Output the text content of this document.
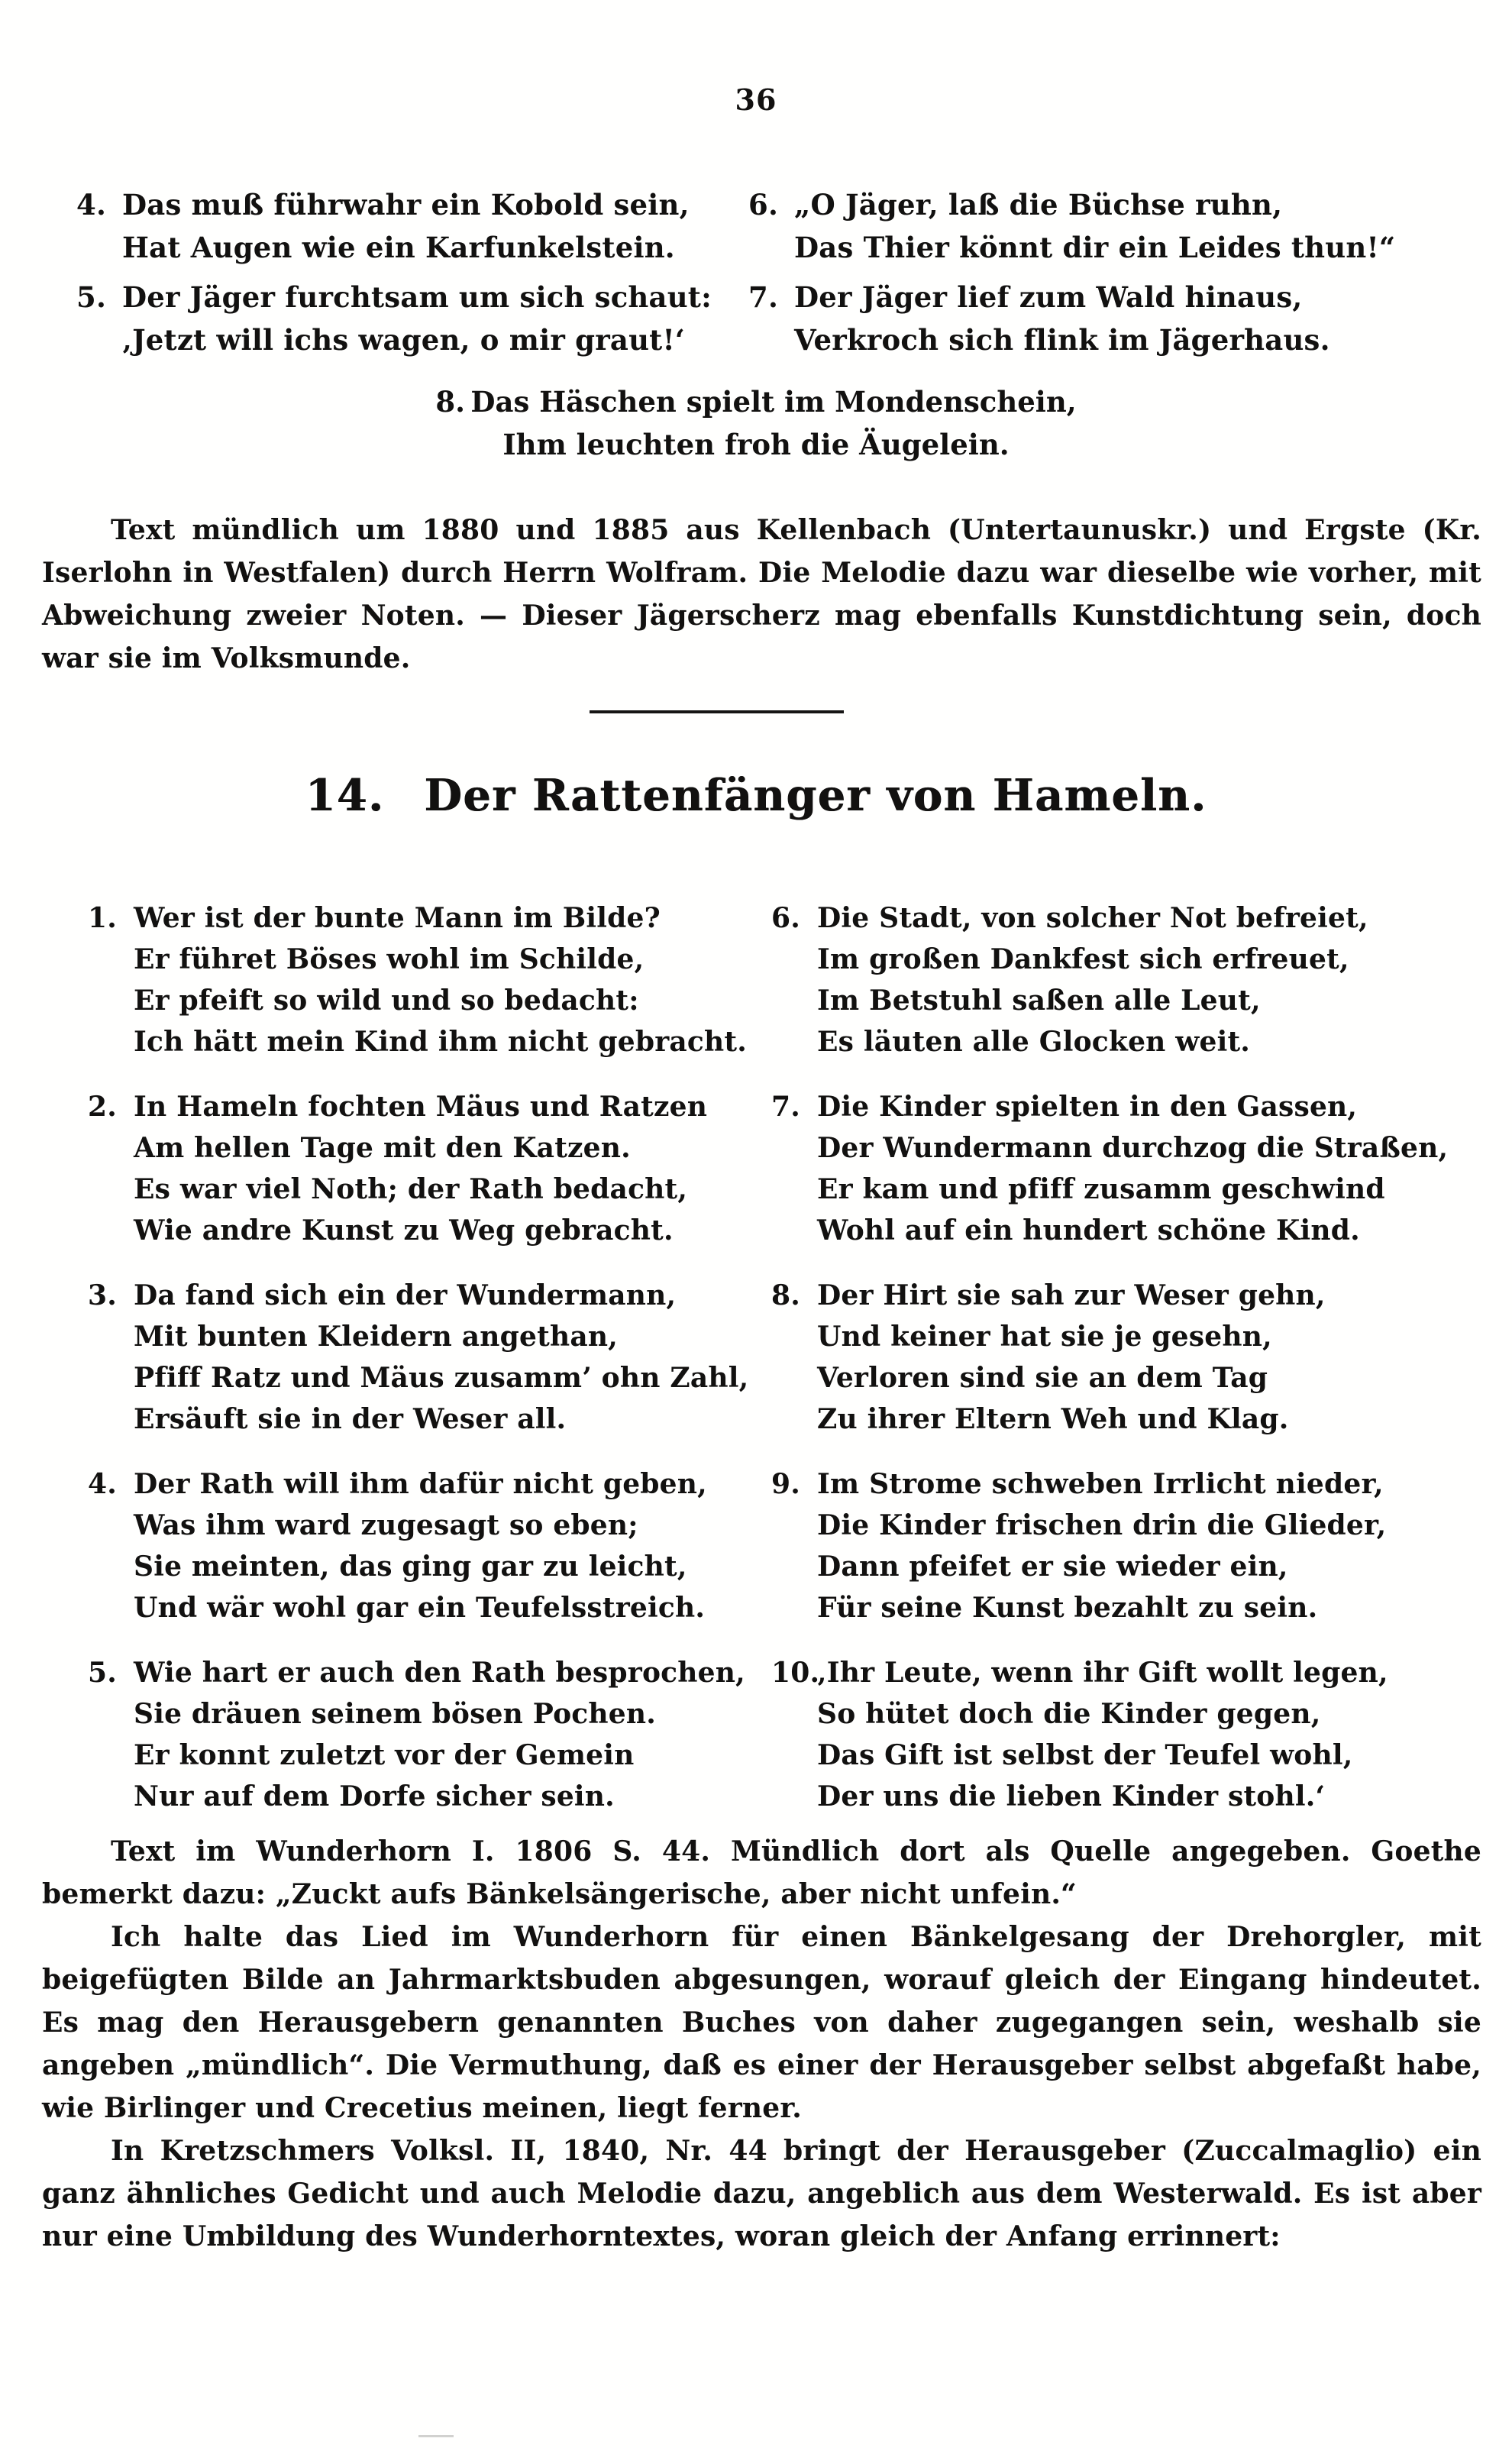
36
4. Das muß führwahr ein Kobold sein,
Hat Augen wie ein Karfunkelstein.
5. Der Jäger furchtsam um sich schaut:
‚Jetzt will ichs wagen, o mir graut!‘
6. „O Jäger, laß die Büchse ruhn,
Das Thier könnt dir ein Leides thun!“
7. Der Jäger lief zum Wald hinaus,
Verkroch sich flink im Jägerhaus.
8.  Das Häschen spielt im Mondenschein,
Ihm leuchten froh die Äugelein.
Text mündlich um 1880 und 1885 aus Kellenbach (Untertaunuskr.) und Ergste (Kr. Iserlohn in Westfalen) durch Herrn Wolfram. Die Melodie dazu war dieselbe wie vorher, mit Abweichung zweier Noten. — Dieser Jägerscherz mag ebenfalls Kunstdichtung sein, doch war sie im Volksmunde.
14. Der Rattenfänger von Hameln.
1. Wer ist der bunte Mann im Bilde?
Er führet Böses wohl im Schilde,
Er pfeift so wild und so bedacht:
Ich hätt mein Kind ihm nicht gebracht.
2. In Hameln fochten Mäus und Ratzen
Am hellen Tage mit den Katzen.
Es war viel Noth; der Rath bedacht,
Wie andre Kunst zu Weg gebracht.
3. Da fand sich ein der Wundermann,
Mit bunten Kleidern angethan,
Pfiff Ratz und Mäus zusamm’ ohn Zahl,
Ersäuft sie in der Weser all.
4. Der Rath will ihm dafür nicht geben,
Was ihm ward zugesagt so eben;
Sie meinten, das ging gar zu leicht,
Und wär wohl gar ein Teufelsstreich.
5. Wie hart er auch den Rath besprochen,
Sie dräuen seinem bösen Pochen.
Er konnt zuletzt vor der Gemein
Nur auf dem Dorfe sicher sein.
6. Die Stadt, von solcher Not befreiet,
Im großen Dankfest sich erfreuet,
Im Betstuhl saßen alle Leut,
Es läuten alle Glocken weit.
7. Die Kinder spielten in den Gassen,
Der Wundermann durchzog die Straßen,
Er kam und pfiff zusamm geschwind
Wohl auf ein hundert schöne Kind.
8. Der Hirt sie sah zur Weser gehn,
Und keiner hat sie je gesehn,
Verloren sind sie an dem Tag
Zu ihrer Eltern Weh und Klag.
9. Im Strome schweben Irrlicht nieder,
Die Kinder frischen drin die Glieder,
Dann pfeifet er sie wieder ein,
Für seine Kunst bezahlt zu sein.
10.
‚Ihr Leute, wenn ihr Gift wollt legen,
So hütet doch die Kinder gegen,
Das Gift ist selbst der Teufel wohl,
Der uns die lieben Kinder stohl.‘

Text im Wunderhorn I. 1806 S. 44. Mündlich dort als Quelle angegeben. Goethe bemerkt dazu: „Zuckt aufs Bänkelsängerische, aber nicht unfein.“

Ich halte das Lied im Wunderhorn für einen Bänkelgesang der Drehorgler, mit beigefügten Bilde an Jahrmarktsbuden abgesungen, worauf gleich der Eingang hindeutet. Es mag den Herausgebern genannten Buches von daher zugegangen sein, weshalb sie angeben „mündlich“. Die Vermuthung, daß es einer der Herausgeber selbst abgefaßt habe, wie Birlinger und Crecetius meinen, liegt ferner.

In Kretzschmers Volksl. II, 1840, Nr. 44 bringt der Herausgeber (Zuccalmaglio) ein ganz ähnliches Gedicht und auch Melodie dazu, angeblich aus dem Westerwald. Es ist aber nur eine Umbildung des Wunderhorntextes, woran gleich der Anfang errinnert:
